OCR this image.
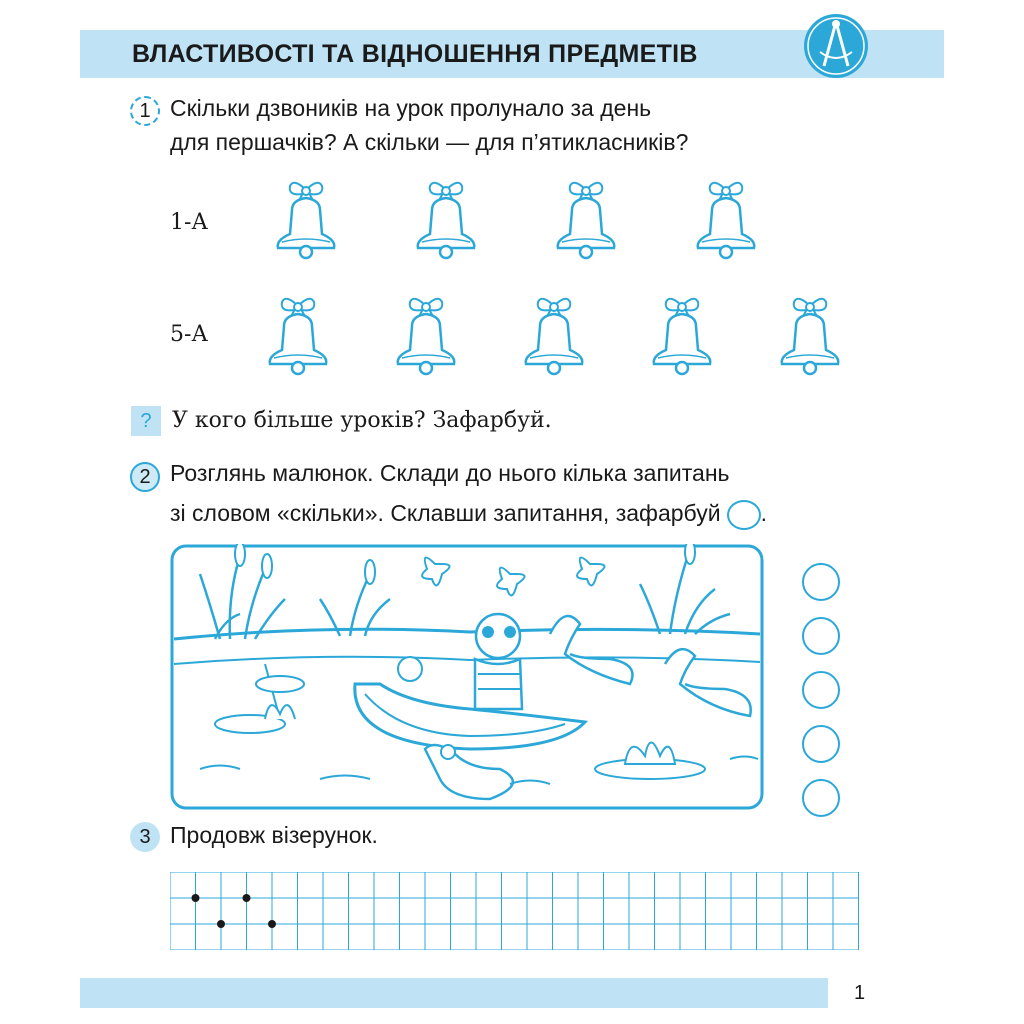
ВЛАСТИВОСТІ ТА ВІДНОШЕННЯ ПРЕДМЕТІВ
1 Скільки дзвоників на урок пролунало за день
для першачків? А скільки — для п’ятикласників?
1-А
5-А
? У кого більше уроків? Зафарбуй.
2 Розглянь малюнок. Склади до нього кілька запитань
зі словом «скільки». Склавши запитання, зафарбуй .
3 Продовж візерунок.
1
